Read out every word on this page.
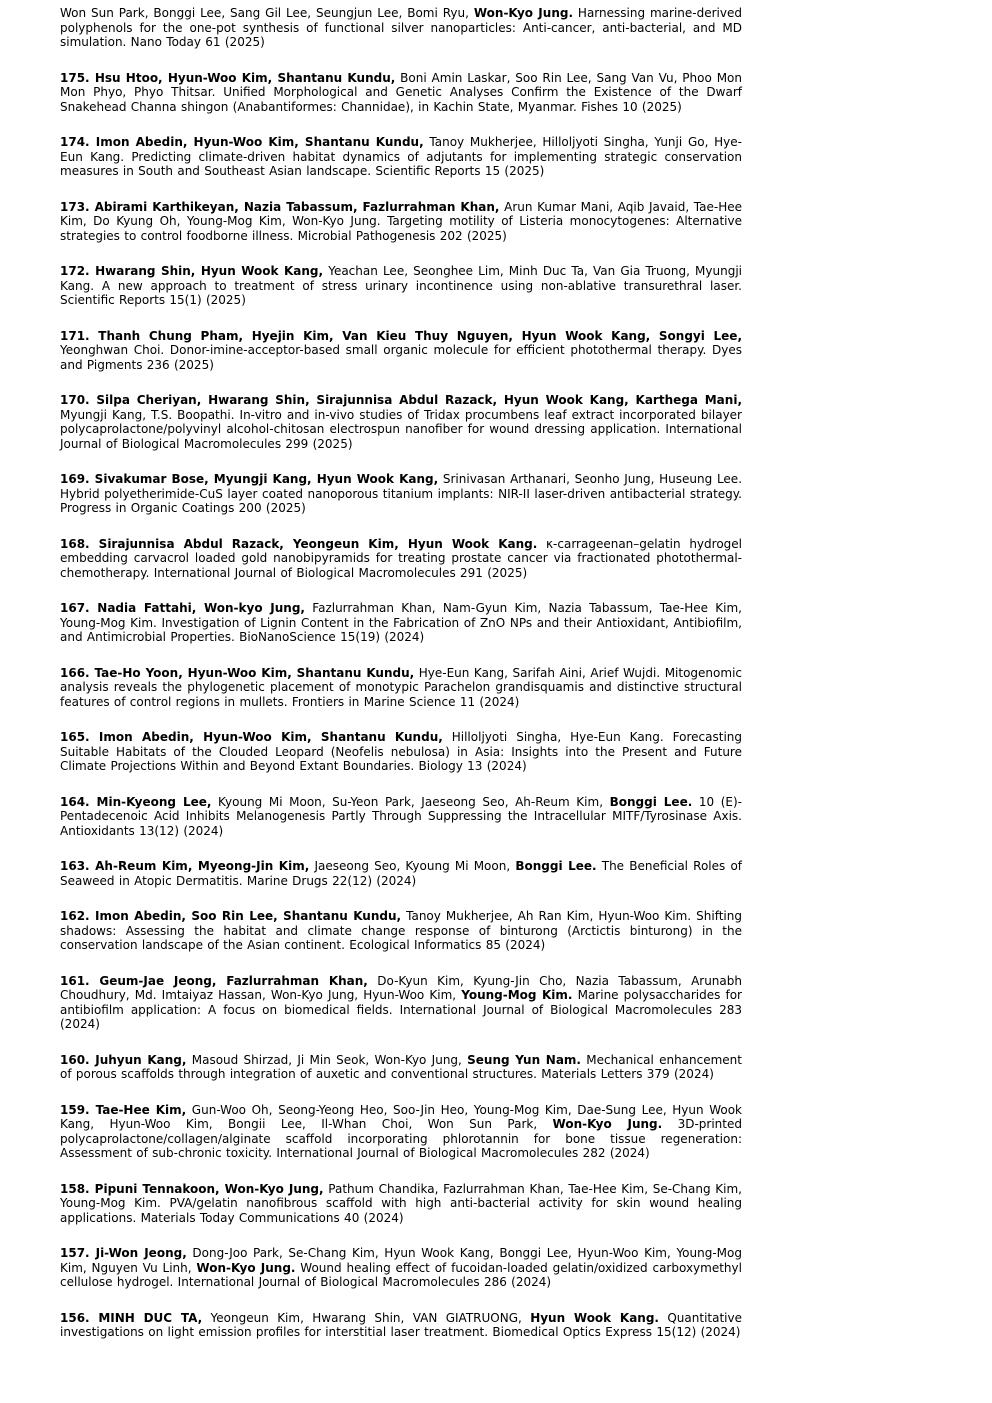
Won Sun Park, Bonggi Lee, Sang Gil Lee, Seungjun Lee, Bomi Ryu, Won-Kyo Jung. Harnessing marine-derived polyphenols for the one-pot synthesis of functional silver nanoparticles: Anti-cancer, anti-bacterial, and MD simulation. Nano Today 61 (2025)

175. Hsu Htoo, Hyun-Woo Kim, Shantanu Kundu, Boni Amin Laskar, Soo Rin Lee, Sang Van Vu, Phoo Mon Mon Phyo, Phyo Thitsar. Unified Morphological and Genetic Analyses Confirm the Existence of the Dwarf Snakehead Channa shingon (Anabantiformes: Channidae), in Kachin State, Myanmar. Fishes 10 (2025)

174. Imon Abedin, Hyun-Woo Kim, Shantanu Kundu, Tanoy Mukherjee, Hilloljyoti Singha, Yunji Go, Hye-Eun Kang. Predicting climate-driven habitat dynamics of adjutants for implementing strategic conservation measures in South and Southeast Asian landscape. Scientific Reports 15 (2025)

173. Abirami Karthikeyan, Nazia Tabassum, Fazlurrahman Khan, Arun Kumar Mani, Aqib Javaid, Tae-Hee Kim, Do Kyung Oh, Young-Mog Kim, Won-Kyo Jung. Targeting motility of Listeria monocytogenes: Alternative strategies to control foodborne illness. Microbial Pathogenesis 202 (2025)

172. Hwarang Shin, Hyun Wook Kang, Yeachan Lee, Seonghee Lim, Minh Duc Ta, Van Gia Truong, Myungji Kang. A new approach to treatment of stress urinary incontinence using non-ablative transurethral laser. Scientific Reports 15(1) (2025)

171. Thanh Chung Pham, Hyejin Kim, Van Kieu Thuy Nguyen, Hyun Wook Kang, Songyi Lee, Yeonghwan Choi. Donor-imine-acceptor-based small organic molecule for efficient photothermal therapy. Dyes and Pigments 236 (2025)

170. Silpa Cheriyan, Hwarang Shin, Sirajunnisa Abdul Razack, Hyun Wook Kang, Karthega Mani, Myungji Kang, T.S. Boopathi. In-vitro and in-vivo studies of Tridax procumbens leaf extract incorporated bilayer polycaprolactone/polyvinyl alcohol-chitosan electrospun nanofiber for wound dressing application. International Journal of Biological Macromolecules 299 (2025)

169. Sivakumar Bose, Myungji Kang, Hyun Wook Kang, Srinivasan Arthanari, Seonho Jung, Huseung Lee. Hybrid polyetherimide-CuS layer coated nanoporous titanium implants: NIR-II laser-driven antibacterial strategy. Progress in Organic Coatings 200 (2025)

168. Sirajunnisa Abdul Razack, Yeongeun Kim, Hyun Wook Kang. κ-carrageenan–gelatin hydrogel embedding carvacrol loaded gold nanobipyramids for treating prostate cancer via fractionated photothermal-chemotherapy. International Journal of Biological Macromolecules 291 (2025)

167. Nadia Fattahi, Won-kyo Jung, Fazlurrahman Khan, Nam-Gyun Kim, Nazia Tabassum, Tae-Hee Kim, Young-Mog Kim. Investigation of Lignin Content in the Fabrication of ZnO NPs and their Antioxidant, Antibiofilm, and Antimicrobial Properties. BioNanoScience 15(19) (2024)

166. Tae-Ho Yoon, Hyun-Woo Kim, Shantanu Kundu, Hye-Eun Kang, Sarifah Aini, Arief Wujdi. Mitogenomic analysis reveals the phylogenetic placement of monotypic Parachelon grandisquamis and distinctive structural features of control regions in mullets. Frontiers in Marine Science 11 (2024)

165. Imon Abedin, Hyun-Woo Kim, Shantanu Kundu, Hilloljyoti Singha, Hye-Eun Kang. Forecasting Suitable Habitats of the Clouded Leopard (Neofelis nebulosa) in Asia: Insights into the Present and Future Climate Projections Within and Beyond Extant Boundaries. Biology 13 (2024)

164. Min-Kyeong Lee, Kyoung Mi Moon, Su-Yeon Park, Jaeseong Seo, Ah-Reum Kim, Bonggi Lee. 10 (E)-Pentadecenoic Acid Inhibits Melanogenesis Partly Through Suppressing the Intracellular MITF/Tyrosinase Axis. Antioxidants 13(12) (2024)

163. Ah-Reum Kim, Myeong-Jin Kim, Jaeseong Seo, Kyoung Mi Moon, Bonggi Lee. The Beneficial Roles of Seaweed in Atopic Dermatitis. Marine Drugs 22(12) (2024)

162. Imon Abedin, Soo Rin Lee, Shantanu Kundu, Tanoy Mukherjee, Ah Ran Kim, Hyun-Woo Kim. Shifting shadows: Assessing the habitat and climate change response of binturong (Arctictis binturong) in the conservation landscape of the Asian continent. Ecological Informatics 85 (2024)

161. Geum-Jae Jeong, Fazlurrahman Khan, Do-Kyun Kim, Kyung-Jin Cho, Nazia Tabassum, Arunabh Choudhury, Md. Imtaiyaz Hassan, Won-Kyo Jung, Hyun-Woo Kim, Young-Mog Kim. Marine polysaccharides for antibiofilm application: A focus on biomedical fields. International Journal of Biological Macromolecules 283 (2024)

160. Juhyun Kang, Masoud Shirzad, Ji Min Seok, Won-Kyo Jung, Seung Yun Nam. Mechanical enhancement of porous scaffolds through integration of auxetic and conventional structures. Materials Letters 379 (2024)

159. Tae-Hee Kim, Gun-Woo Oh, Seong-Yeong Heo, Soo-Jin Heo, Young-Mog Kim, Dae-Sung Lee, Hyun Wook Kang, Hyun-Woo Kim, Bongii Lee, Il-Whan Choi, Won Sun Park, Won-Kyo Jung. 3D-printed polycaprolactone/collagen/alginate scaffold incorporating phlorotannin for bone tissue regeneration: Assessment of sub-chronic toxicity. International Journal of Biological Macromolecules 282 (2024)

158. Pipuni Tennakoon, Won-Kyo Jung, Pathum Chandika, Fazlurrahman Khan, Tae-Hee Kim, Se-Chang Kim, Young-Mog Kim. PVA/gelatin nanofibrous scaffold with high anti-bacterial activity for skin wound healing applications. Materials Today Communications 40 (2024)

157. Ji-Won Jeong, Dong-Joo Park, Se-Chang Kim, Hyun Wook Kang, Bonggi Lee, Hyun-Woo Kim, Young-Mog Kim, Nguyen Vu Linh, Won-Kyo Jung. Wound healing effect of fucoidan-loaded gelatin/oxidized carboxymethyl cellulose hydrogel. International Journal of Biological Macromolecules 286 (2024)

156. MINH DUC TA, Yeongeun Kim, Hwarang Shin, VAN GIATRUONG, Hyun Wook Kang. Quantitative investigations on light emission profiles for interstitial laser treatment. Biomedical Optics Express 15(12) (2024)
